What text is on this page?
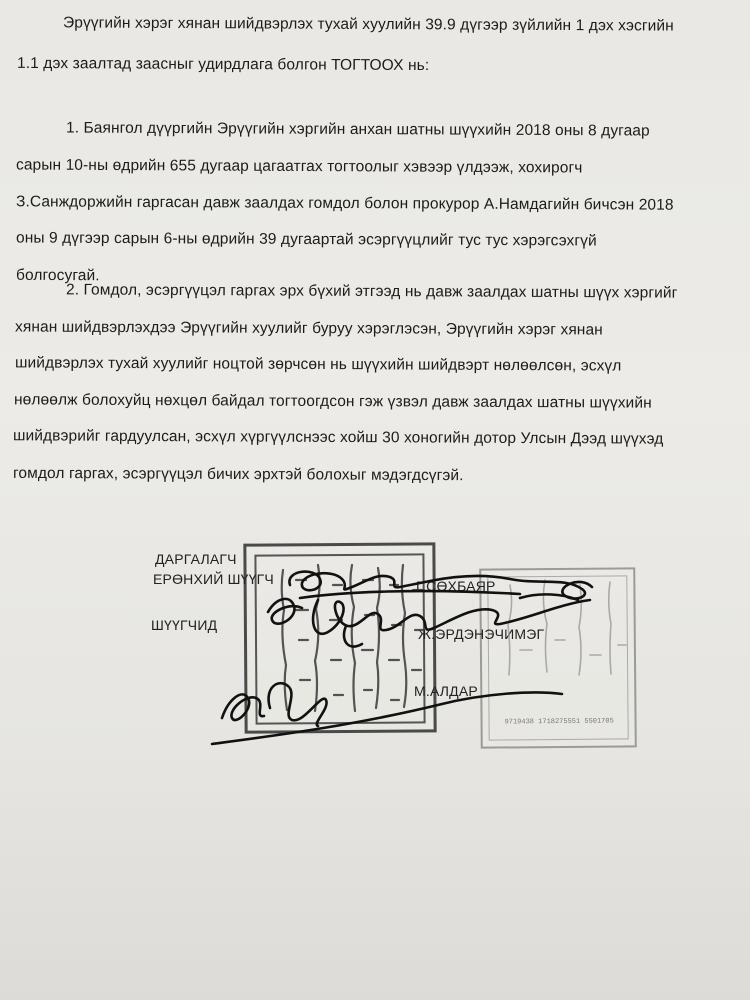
Эрүүгийн хэрэг хянан шийдвэрлэх тухай хуулийн 39.9 дүгээр зүйлийн 1 дэх хэсгийн
1.1 дэх заалтад заасныг удирдлага болгон ТОГТООХ нь:
1. Баянгол дүүргийн Эрүүгийн хэргийн анхан шатны шүүхийн 2018 оны 8 дугаар
сарын 10-ны өдрийн 655 дугаар цагаатгах тогтоолыг хэвээр үлдээж, хохирогч
З.Санждоржийн гаргасан давж заалдах гомдол болон прокурор А.Намдагийн бичсэн 2018
оны 9 дүгээр сарын 6-ны өдрийн 39 дугаартай эсэргүүцлийг тус тус хэрэгсэхгүй
болгосугай.
2. Гомдол, эсэргүүцэл гаргах эрх бүхий этгээд нь давж заалдах шатны шүүх хэргийг
хянан шийдвэрлэхдээ Эрүүгийн хуулийг буруу хэрэглэсэн, Эрүүгийн хэрэг хянан
шийдвэрлэх тухай хуулийг ноцтой зөрчсөн нь шүүхийн шийдвэрт нөлөөлсөн, эсхүл
нөлөөлж болохуйц нөхцөл байдал тогтоогдсон гэж үзвэл давж заалдах шатны шүүхийн
шийдвэрийг гардуулсан, эсхүл хүргүүлснээс хойш 30 хоногийн дотор Улсын Дээд шүүхэд
гомдол гаргах, эсэргүүцэл бичих эрхтэй болохыг мэдэгдсүгэй.
9719438 1718275551 5501705
ДАРГАЛАГЧ
ЕРӨНХИЙ ШҮҮГЧ	Г.СӨХБАЯР
ШҮҮГЧИД
Ж.ЭРДЭНЭЧИМЭГ
М.АЛДАР
